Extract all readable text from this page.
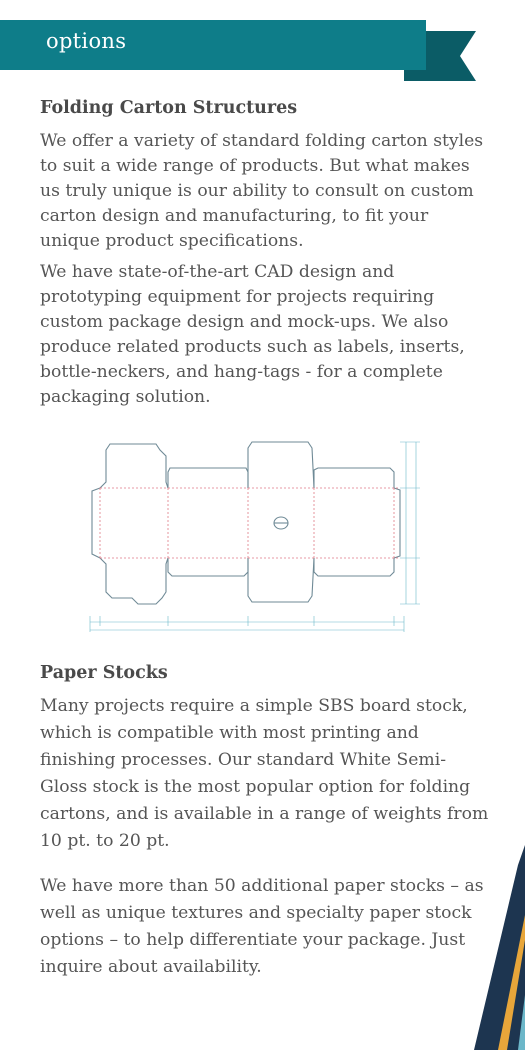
options
Folding Carton Structures
We offer a variety of standard folding carton styles to suit a wide range of products. But what makes us truly unique is our ability to consult on custom carton design and manufacturing, to fit your unique product specifications.
We have state-of-the-art CAD design and prototyping equipment for projects requiring custom package design and mock-ups. We also produce related products such as labels, inserts, bottle-neckers, and hang-tags - for a complete packaging solution.
Paper Stocks
Many projects require a simple SBS board stock, which is compatible with most printing and finishing processes. Our standard White Semi-Gloss stock is the most popular option for folding cartons, and is available in a range of weights from 10 pt. to 20 pt.
We have more than 50 additional paper stocks – as well as unique textures and specialty paper stock options – to help differentiate your package. Just inquire about availability.
